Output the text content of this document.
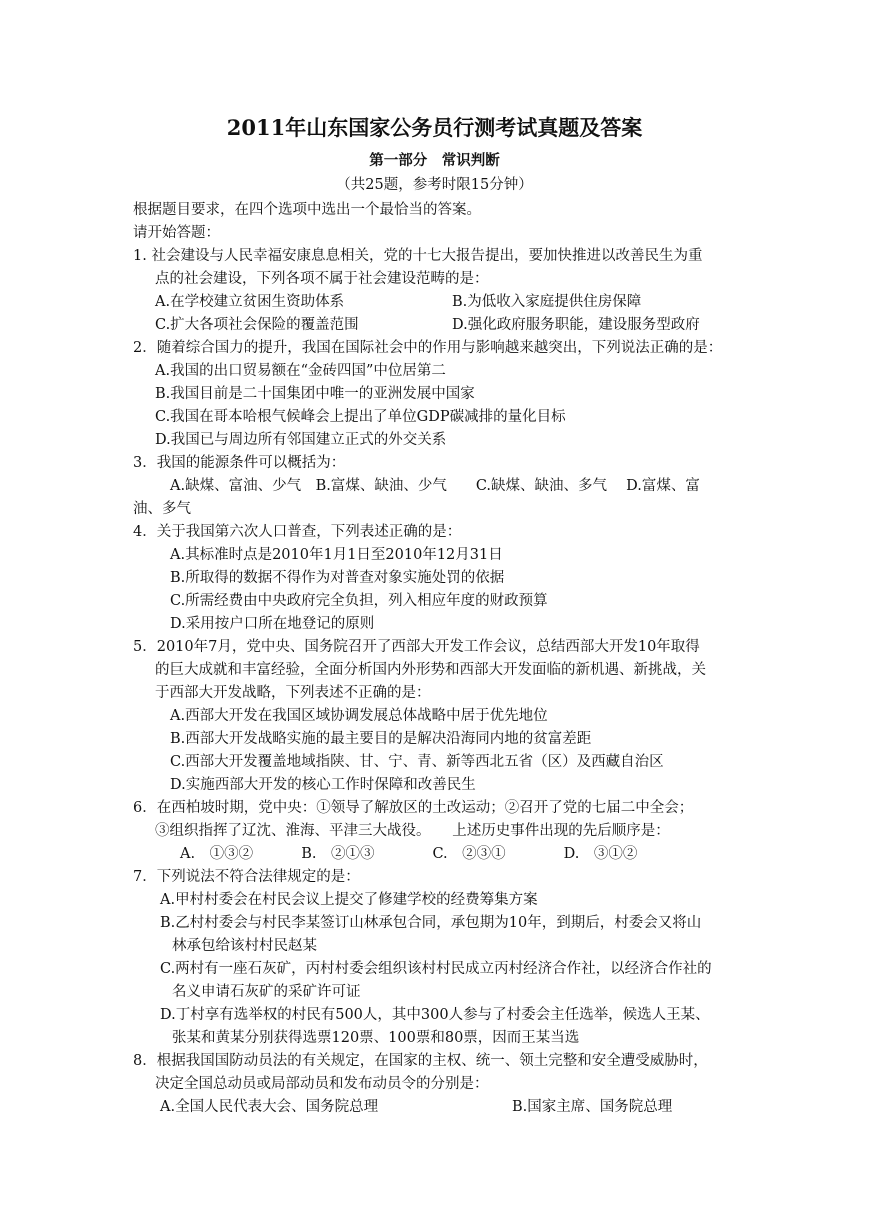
2011年山东国家公务员行测考试真题及答案
第一部分　常识判断
（共25题，参考时限15分钟）
根据题目要求，在四个选项中选出一个最恰当的答案。
请开始答题：
1. 社会建设与人民幸福安康息息相关，党的十七大报告提出，要加快推进以改善民生为重
点的社会建设，下列各项不属于社会建设范畴的是：
A.在学校建立贫困生资助体系	B.为低收入家庭提供住房保障
C.扩大各项社会保险的覆盖范围	D.强化政府服务职能，建设服务型政府
2．随着综合国力的提升，我国在国际社会中的作用与影响越来越突出，下列说法正确的是：
A.我国的出口贸易额在“金砖四国”中位居第二
B.我国目前是二十国集团中唯一的亚洲发展中国家
C.我国在哥本哈根气候峰会上提出了单位GDP碳减排的量化目标
D.我国已与周边所有邻国建立正式的外交关系
3．我国的能源条件可以概括为：
A.缺煤、富油、少气　B.富煤、缺油、少气　　C.缺煤、缺油、多气　 D.富煤、富
油、多气
4．关于我国第六次人口普查，下列表述正确的是：
A.其标准时点是2010年1月1日至2010年12月31日
B.所取得的数据不得作为对普查对象实施处罚的依据
C.所需经费由中央政府完全负担，列入相应年度的财政预算
D.采用按户口所在地登记的原则
5．2010年7月，党中央、国务院召开了西部大开发工作会议，总结西部大开发10年取得
的巨大成就和丰富经验，全面分析国内外形势和西部大开发面临的新机遇、新挑战，关
于西部大开发战略，下列表述不正确的是：
A.西部大开发在我国区域协调发展总体战略中居于优先地位
B.西部大开发战略实施的最主要目的是解决沿海同内地的贫富差距
C.西部大开发覆盖地域指陕、甘、宁、青、新等西北五省（区）及西藏自治区
D.实施西部大开发的核心工作时保障和改善民生
6．在西柏坡时期，党中央：①领导了解放区的土改运动；②召开了党的七届二中全会；
③组织指挥了辽沈、淮海、平津三大战役。　　上述历史事件出现的先后顺序是：
A.　①③②　　　 B.　②①③　　　　C.　②③①　　　　D.　③①②
7．下列说法不符合法律规定的是：
A.甲村村委会在村民会议上提交了修建学校的经费筹集方案
B.乙村村委会与村民李某签订山林承包合同，承包期为10年，到期后，村委会又将山
林承包给该村村民赵某
C.两村有一座石灰矿，丙村村委会组织该村村民成立丙村经济合作社，以经济合作社的
名义申请石灰矿的采矿许可证
D.丁村享有选举权的村民有500人，其中300人参与了村委会主任选举，候选人王某、
张某和黄某分别获得选票120票、100票和80票，因而王某当选
8．根据我国国防动员法的有关规定，在国家的主权、统一、领土完整和安全遭受威胁时，
决定全国总动员或局部动员和发布动员令的分别是：
A.全国人民代表大会、国务院总理	B.国家主席、国务院总理
